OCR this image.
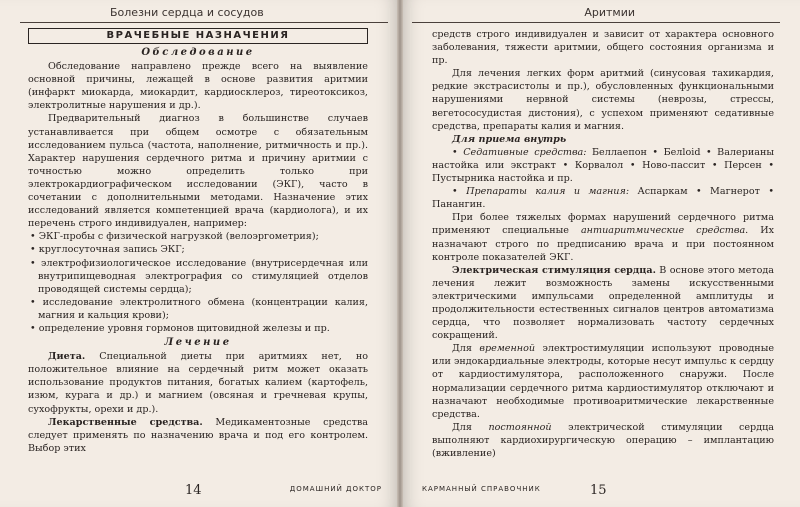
Болезни сердца и сосудов
ВРАЧЕБНЫЕ НАЗНАЧЕНИЯ
Обследование

Обследование направлено прежде всего на выявление основной причины, лежащей в основе развития аритмии (инфаркт миокарда, миокардит, кардиосклероз, тиреотоксикоз, электролитные нарушения и др.).

Предварительный диагноз в большинстве случаев устанавливается при общем осмотре с обязательным исследованием пульса (частота, наполнение, ритмичность и пр.). Характер нарушения сердечного ритма и причину аритмии с точностью можно определить только при электрокардиографическом исследовании (ЭКГ), часто в сочетании с дополнительными методами. Назначение этих исследований является компетенцией врача (кардиолога), и их перечень строго индивидуален, например:

• ЭКГ-пробы с физической нагрузкой (велоэргометрия);

• круглосуточная запись ЭКГ;

• электрофизиологическое исследование (внутрисердечная или внутрипищеводная электрография со стимуляцией отделов проводящей системы сердца);

• исследование электролитного обмена (концентрации калия, магния и кальция крови);

• определение уровня гормонов щитовидной железы и пр.

Лечение

Диета. Специальной диеты при аритмиях нет, но положительное влияние на сердечный ритм может оказать использование продуктов питания, богатых калием (картофель, изюм, курага и др.) и магнием (овсяная и гречневая крупы, сухофрукты, орехи и др.).

Лекарственные средства. Медикаментозные средства следует применять по назначению врача и под его контролем. Выбор этих

14	ДОМАШНИЙ ДОКТОР
Аритмии

средств строго индивидуален и зависит от характера основного заболевания, тяжести аритмии, общего состояния организма и пр.

Для лечения легких форм аритмий (синусовая тахикардия, редкие экстрасистолы и пр.), обусловленных функциональными нарушениями нервной системы (неврозы, стрессы, вегетососудистая дистония), с успехом применяют седативные средства, препараты калия и магния.

Для приема внутрь

• Седативные средства: Беллаепон • Белloid • Валерианы настойка или экстракт • Корвалол • Ново-пассит • Персен • Пустырника настойка и пр.

• Препараты калия и магния: Аспаркам • Магнерот • Панангин.

При более тяжелых формах нарушений сердечного ритма применяют специальные антиаритмические средства. Их назначают строго по предписанию врача и при постоянном контроле показателей ЭКГ.

Электрическая стимуляция сердца. В основе этого метода лечения лежит возможность замены искусственными электрическими импульсами определенной амплитуды и продолжительности естественных сигналов центров автоматизма сердца, что позволяет нормализовать частоту сердечных сокращений.

Для временной электростимуляции используют проводные или эндокардиальные электроды, которые несут импульс к сердцу от кардиостимулятора, расположенного снаружи. После нормализации сердечного ритма кардиостимулятор отключают и назначают необходимые противоаритмические лекарственные средства.

Для постоянной электрической стимуляции сердца выполняют кардиохирургическую операцию – имплантацию (вживление)

КАРМАННЫЙ СПРАВОЧНИК	15
